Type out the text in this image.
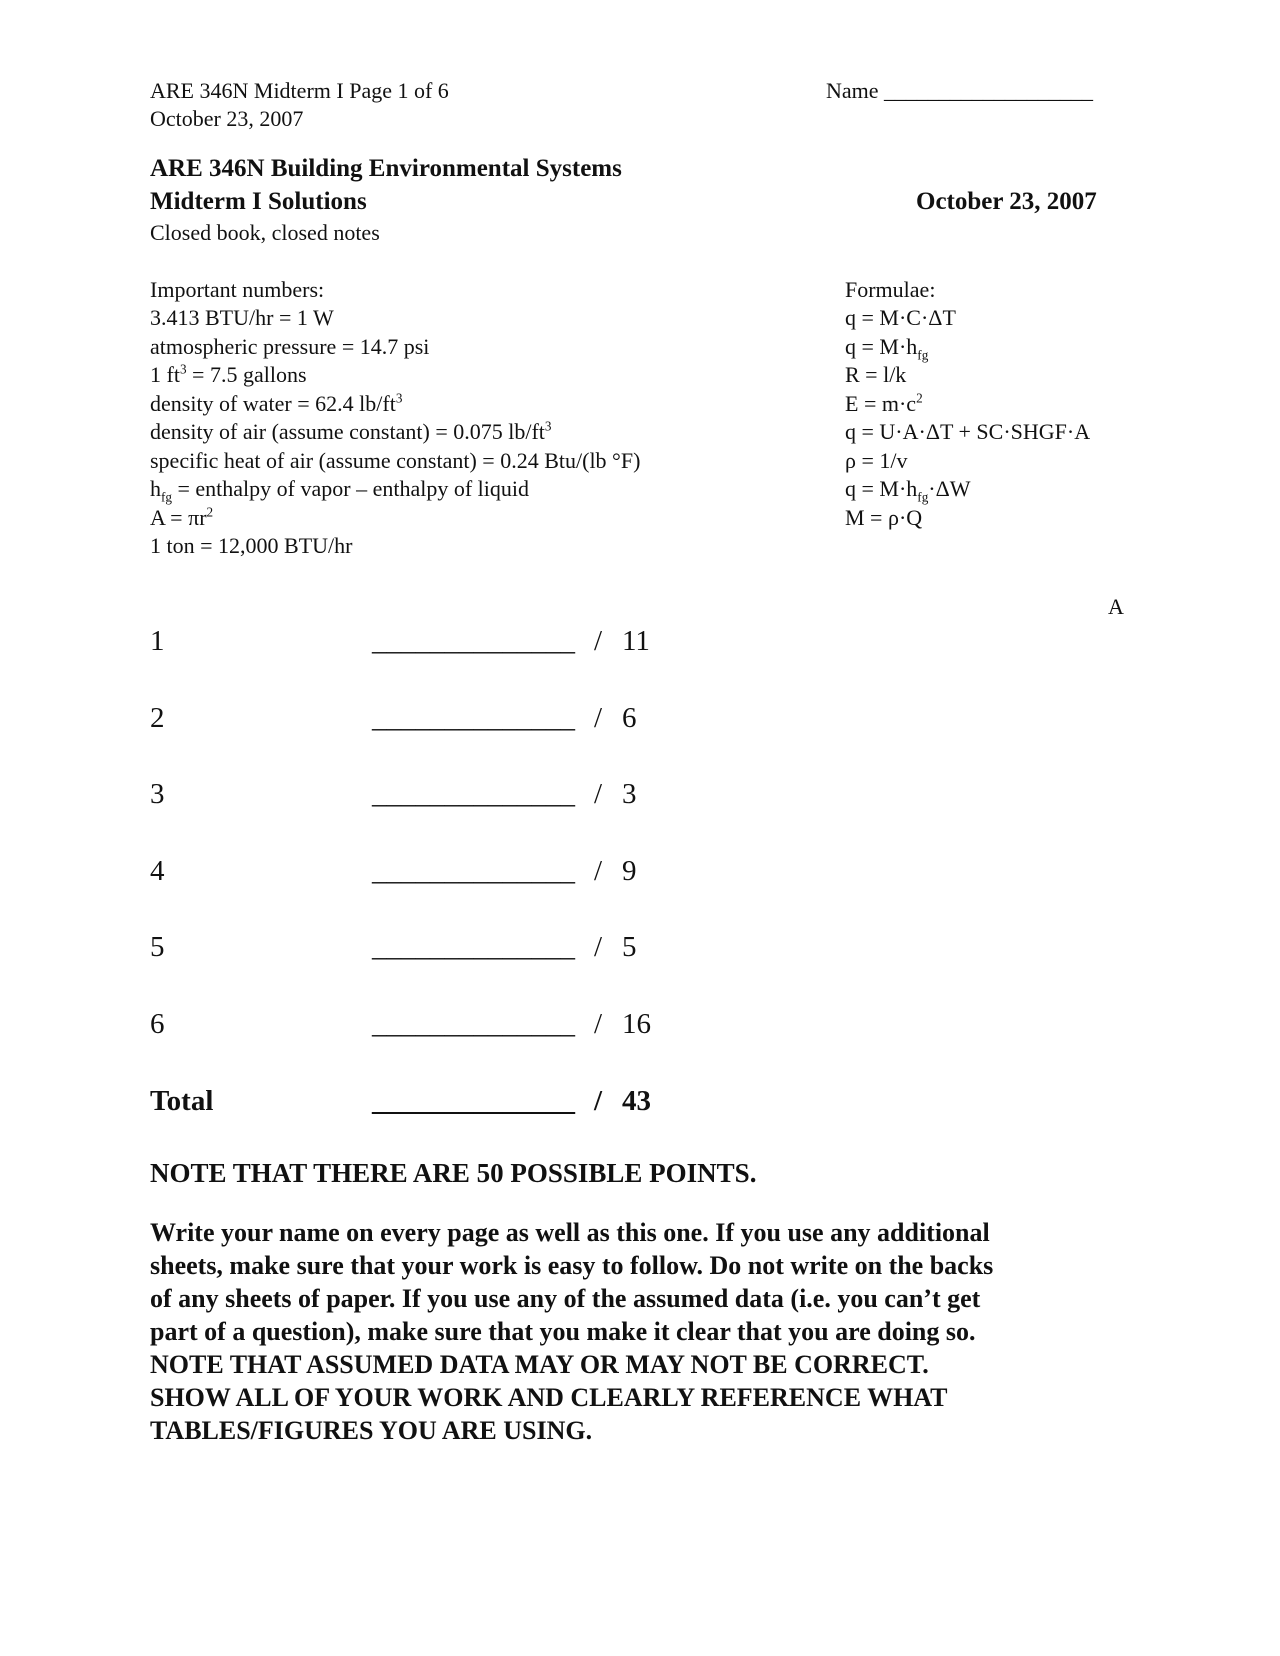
ARE 346N Midterm I Page 1 of 6
October 23, 2007
Name ___________________
ARE 346N Building Environmental Systems
Midterm I Solutions	October 23, 2007
Closed book, closed notes
Important numbers:
3.413 BTU/hr = 1 W
atmospheric pressure = 14.7 psi
1 $ft^3 = 7.5$ gallons
density of water = 62.4 $lb/ft^3$
density of air (assume constant) = 0.075 $lb/ft^3$
specific heat of air (assume constant) = 0.24 Btu/(lb °F)
$h_{fg}$ = enthalpy of vapor – enthalpy of liquid
$A = \pi r^2$
1 ton = 12,000 BTU/hr
Formulae:
q = M·C·ΔT
$q = M\cdot h_{fg}$
R = l/k
$E = m\cdot c^2$
q = U·A·ΔT + SC·SHGF·A
ρ = 1/v
$q = M\cdot h_{fg}\cdot\Delta W$
M = ρ·Q
A
1	______________ / 11
2	______________ / 6
3	______________ / 3
4	______________ / 9
5	______________ / 5
6	______________ / 16
Total	______________ / 43
NOTE THAT THERE ARE 50 POSSIBLE POINTS.
Write your name on every page as well as this one. If you use any additional
sheets, make sure that your work is easy to follow. Do not write on the backs
of any sheets of paper. If you use any of the assumed data (i.e. you can’t get
part of a question), make sure that you make it clear that you are doing so.
NOTE THAT ASSUMED DATA MAY OR MAY NOT BE CORRECT.
SHOW ALL OF YOUR WORK AND CLEARLY REFERENCE WHAT
TABLES/FIGURES YOU ARE USING.
